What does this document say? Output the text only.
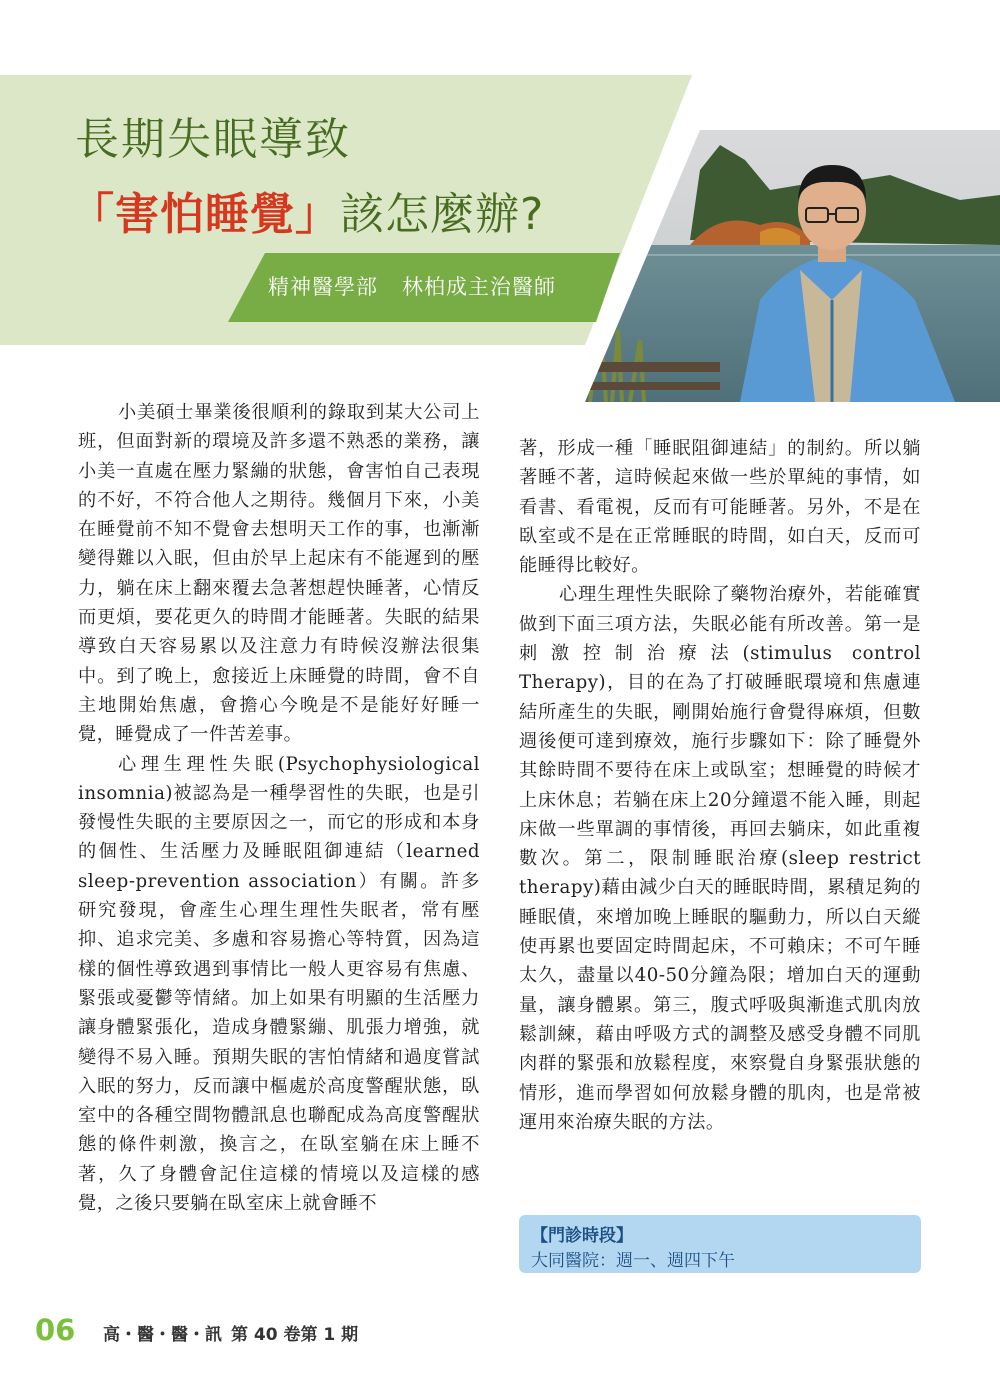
長期失眠導致
「害怕睡覺」該怎麼辦?
精神醫學部 林柏成主治醫師

小美碩士畢業後很順利的錄取到某大公司上班，但面對新的環境及許多還不熟悉的業務，讓小美一直處在壓力緊繃的狀態，會害怕自己表現的不好，不符合他人之期待。幾個月下來，小美在睡覺前不知不覺會去想明天工作的事，也漸漸變得難以入眠，但由於早上起床有不能遲到的壓力，躺在床上翻來覆去急著想趕快睡著，心情反而更煩，要花更久的時間才能睡著。失眠的結果導致白天容易累以及注意力有時候沒辦法很集中。到了晚上，愈接近上床睡覺的時間，會不自主地開始焦慮，會擔心今晚是不是能好好睡一覺，睡覺成了一件苦差事。

心理生理性失眠(Psychophysiological insomnia)被認為是一種學習性的失眠，也是引發慢性失眠的主要原因之一，而它的形成和本身的個性、生活壓力及睡眠阻御連結（learned sleep-prevention association）有關。許多研究發現，會產生心理生理性失眠者，常有壓抑、追求完美、多慮和容易擔心等特質，因為這樣的個性導致遇到事情比一般人更容易有焦慮、緊張或憂鬱等情緒。加上如果有明顯的生活壓力讓身體緊張化，造成身體緊繃、肌張力增強，就變得不易入睡。預期失眠的害怕情緒和過度嘗試入眠的努力，反而讓中樞處於高度警醒狀態，臥室中的各種空間物體訊息也聯配成為高度警醒狀態的條件刺激，換言之，在臥室躺在床上睡不著，久了身體會記住這樣的情境以及這樣的感覺，之後只要躺在臥室床上就會睡不

著，形成一種「睡眠阻御連結」的制約。所以躺著睡不著，這時候起來做一些於單純的事情，如看書、看電視，反而有可能睡著。另外，不是在臥室或不是在正常睡眠的時間，如白天，反而可能睡得比較好。

心理生理性失眠除了藥物治療外，若能確實做到下面三項方法，失眠必能有所改善。第一是刺激控制治療法(stimulus control Therapy)，目的在為了打破睡眠環境和焦慮連結所產生的失眠，剛開始施行會覺得麻煩，但數週後便可達到療效，施行步驟如下：除了睡覺外其餘時間不要待在床上或臥室；想睡覺的時候才上床休息；若躺在床上20分鐘還不能入睡，則起床做一些單調的事情後，再回去躺床，如此重複數次。第二，限制睡眠治療(sleep restrict therapy)藉由減少白天的睡眠時間，累積足夠的睡眠債，來增加晚上睡眠的驅動力，所以白天縱使再累也要固定時間起床，不可賴床；不可午睡太久，盡量以40-50分鐘為限；增加白天的運動量，讓身體累。第三，腹式呼吸與漸進式肌肉放鬆訓練，藉由呼吸方式的調整及感受身體不同肌肉群的緊張和放鬆程度，來察覺自身緊張狀態的情形，進而學習如何放鬆身體的肌肉，也是常被運用來治療失眠的方法。

【門診時段】
大同醫院：週一、週四下午
06 高・醫・醫・訊 第 40 卷第 1 期
